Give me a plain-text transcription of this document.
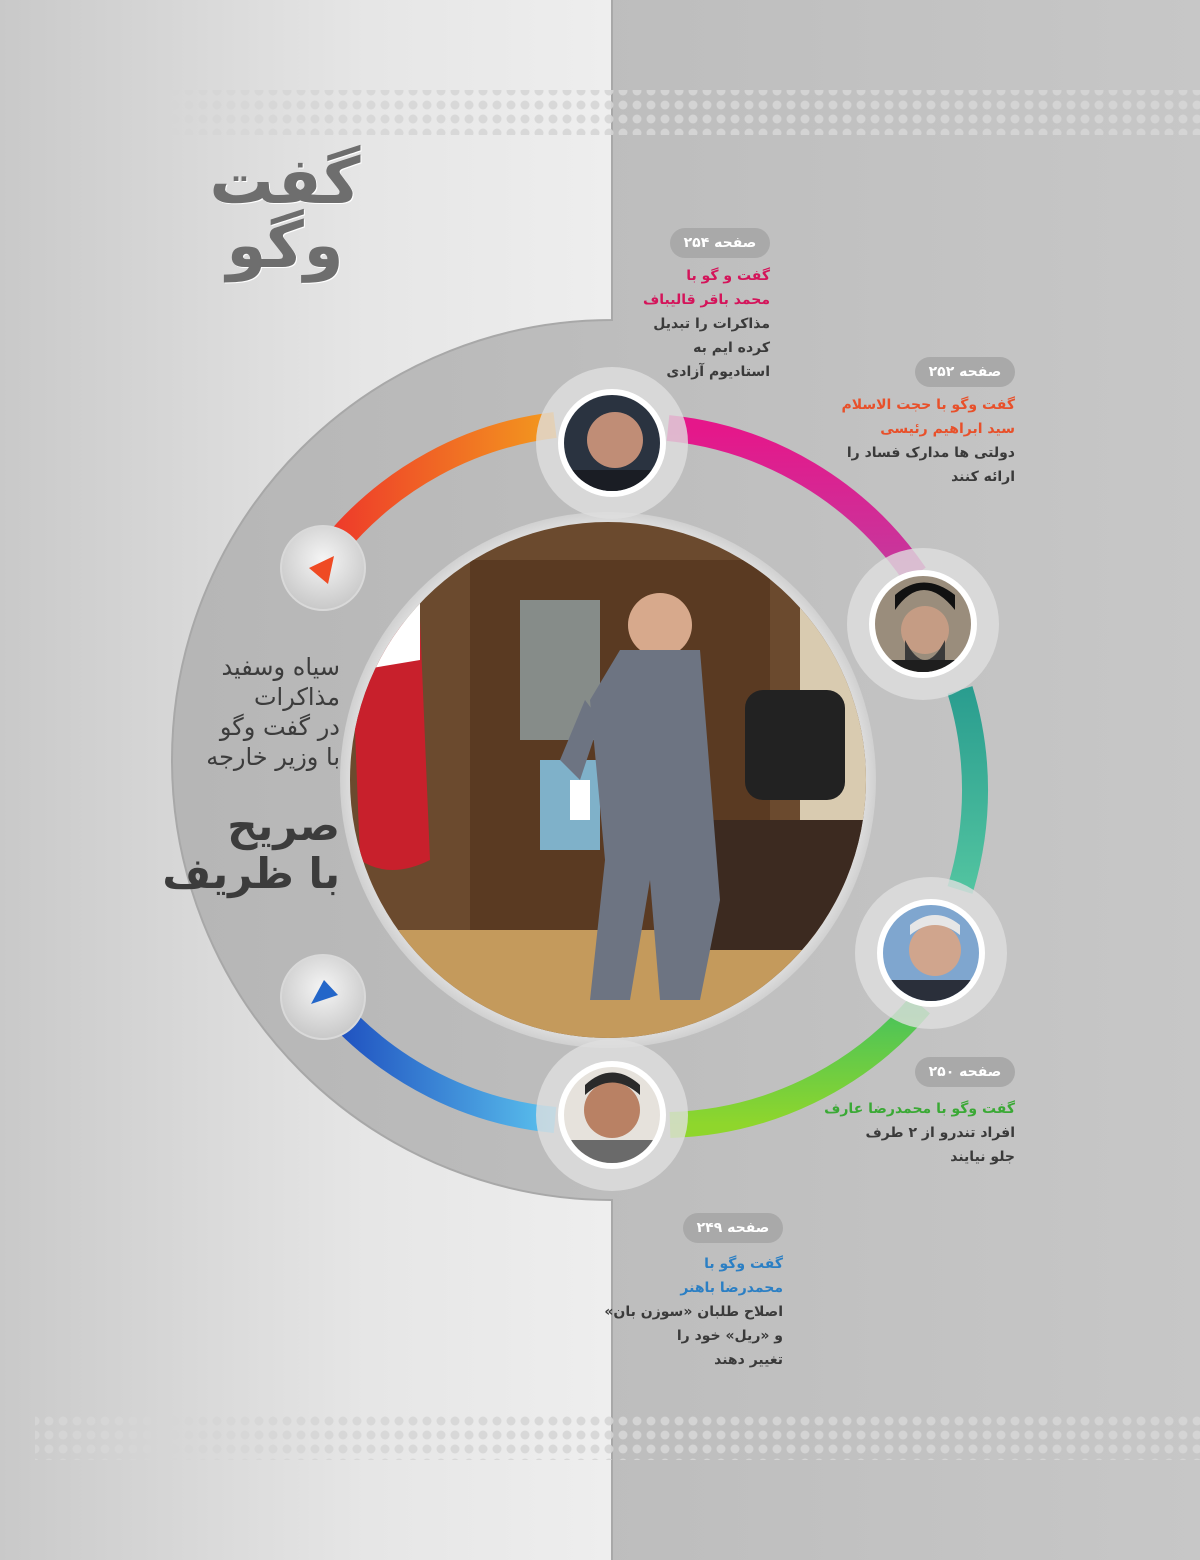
گفت وگو	صفحه ۲۵۴
گفت و گو با
محمد باقر قالیباف
مذاکرات را تبدیل
کرده ایم به
استادیوم آزادی	صفحه ۲۵۲
گفت وگو با حجت الاسلام
سید ابراهیم رئیسی
دولتی ها مدارک فساد را
ارائه کنند
صفحه ۲۵۰
گفت وگو با محمدرضا عارف
افراد تندرو از ۲ طرف
جلو نیایند
صفحه ۲۴۹
گفت وگو با
محمدرضا باهنر
اصلاح طلبان «سوزن بان»
و «ریل» خود را
تغییر دهند
سیاه وسفید
مذاکرات
در گفت وگو
با وزیر خارجه
صریح
با ظریف
